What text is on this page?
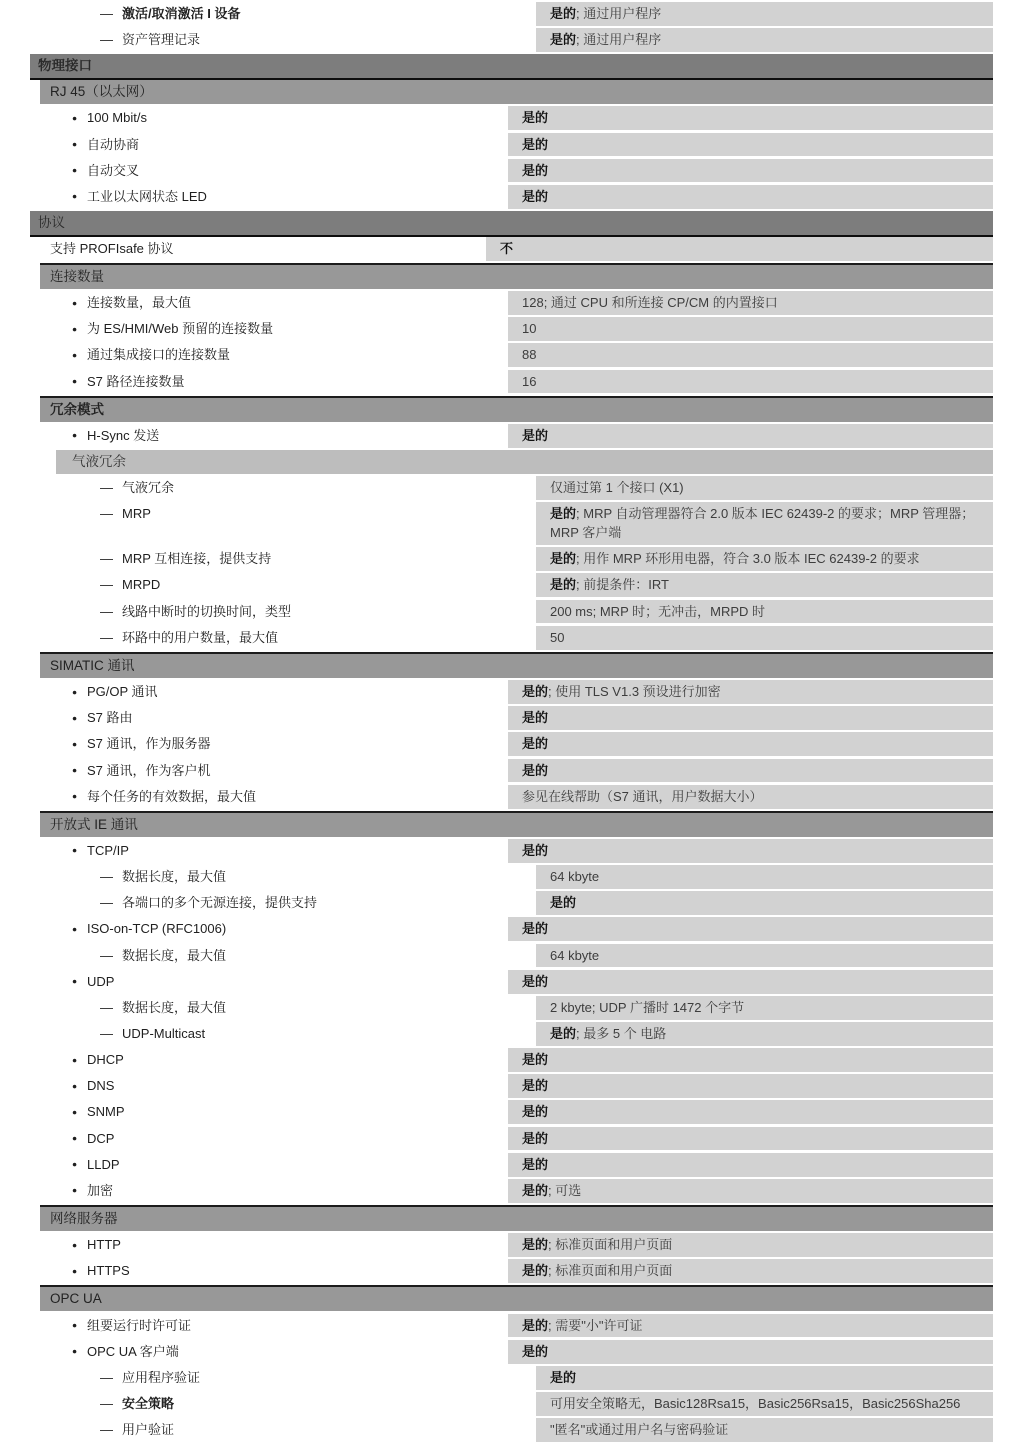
— 激活/取消激活 I 设备	是的; 通过用户程序
— 资产管理记录	是的; 通过用户程序
物理接口
RJ 45（以太网）
● 100 Mbit/s	是的
● 自动协商	是的
● 自动交叉	是的
● 工业以太网状态 LED	是的
协议
支持 PROFIsafe 协议	不
连接数量
● 连接数量，最大值	128; 通过 CPU 和所连接 CP/CM 的内置接口
● 为 ES/HMI/Web 预留的连接数量	10
● 通过集成接口的连接数量	88
● S7 路径连接数量	16
冗余模式
● H-Sync 发送	是的
气液冗余
— 气液冗余	仅通过第 1 个接口 (X1)
— MRP	是的; MRP 自动管理器符合 2.0 版本 IEC 62439-2 的要求；MRP 管理器；MRP 客户端
— MRP 互相连接，提供支持	是的; 用作 MRP 环形用电器，符合 3.0 版本 IEC 62439-2 的要求
— MRPD	是的; 前提条件：IRT
— 线路中断时的切换时间，类型	200 ms; MRP 时；无冲击，MRPD 时
— 环路中的用户数量，最大值	50
SIMATIC 通讯
● PG/OP 通讯	是的; 使用 TLS V1.3 预设进行加密
● S7 路由	是的
● S7 通讯，作为服务器	是的
● S7 通讯，作为客户机	是的
● 每个任务的有效数据，最大值	参见在线帮助（S7 通讯，用户数据大小）
开放式 IE 通讯
● TCP/IP	是的
— 数据长度，最大值	64 kbyte
— 各端口的多个无源连接，提供支持	是的
● ISO-on-TCP (RFC1006)	是的
— 数据长度，最大值	64 kbyte
● UDP	是的
— 数据长度，最大值	2 kbyte; UDP 广播时 1472 个字节
— UDP-Multicast	是的; 最多 5 个 电路
● DHCP	是的
● DNS	是的
● SNMP	是的
● DCP	是的
● LLDP	是的
● 加密	是的; 可选
网络服务器
● HTTP	是的; 标准页面和用户页面
● HTTPS	是的; 标准页面和用户页面
OPC UA
● 组要运行时许可证	是的; 需要"小"许可证
● OPC UA 客户端	是的
— 应用程序验证	是的
— 安全策略	可用安全策略无，Basic128Rsa15，Basic256Rsa15，Basic256Sha256
— 用户验证	"匿名"或通过用户名与密码验证
